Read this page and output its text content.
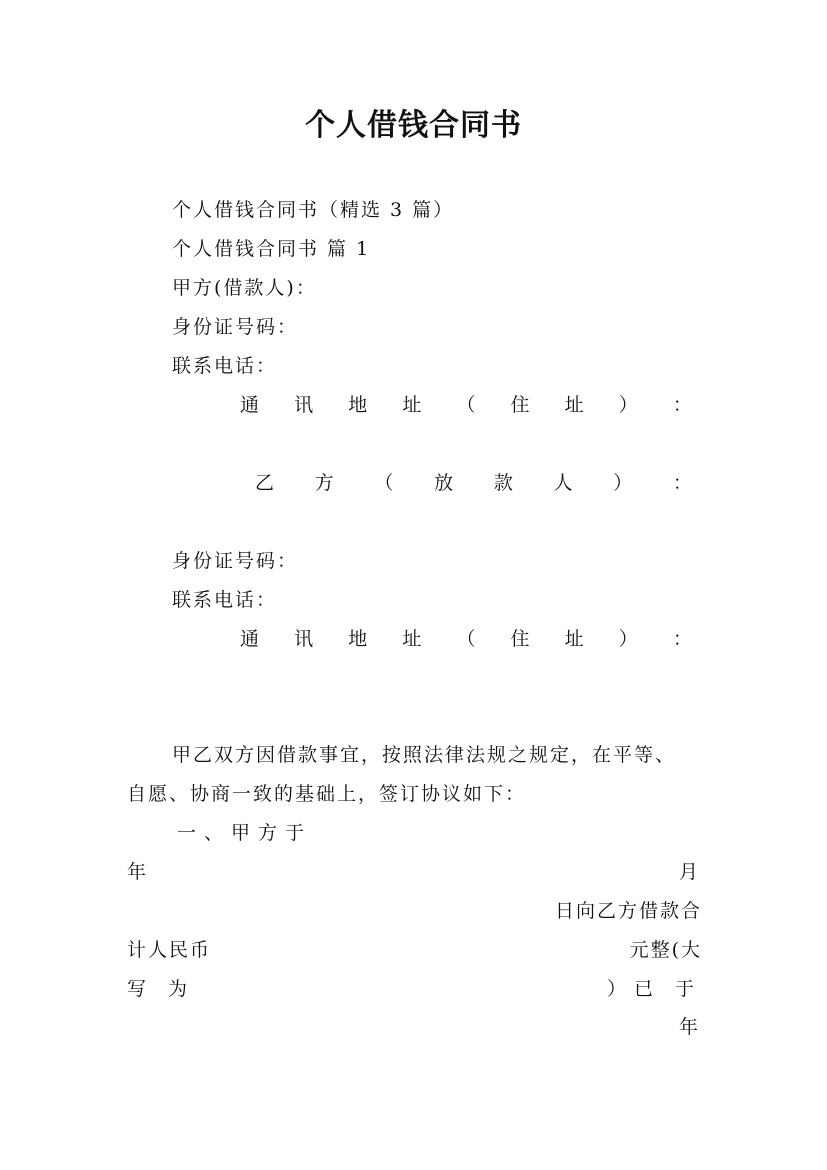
个人借钱合同书
个人借钱合同书（精选 3 篇）
个人借钱合同书 篇 1
甲方(借款人)：
身份证号码：
联系电话：
通 讯 地 址 （ 住 址 ） ：
乙 方 （ 放 款 人 ） ：
身份证号码：
联系电话：
通 讯 地 址 （ 住 址 ） ：
甲乙双方因借款事宜，按照法律法规之规定，在平等、
自愿、协商一致的基础上，签订协议如下：
一、甲方于
年	月
日向乙方借款合
计人民币	元整(大
写 为	）已 于
年
